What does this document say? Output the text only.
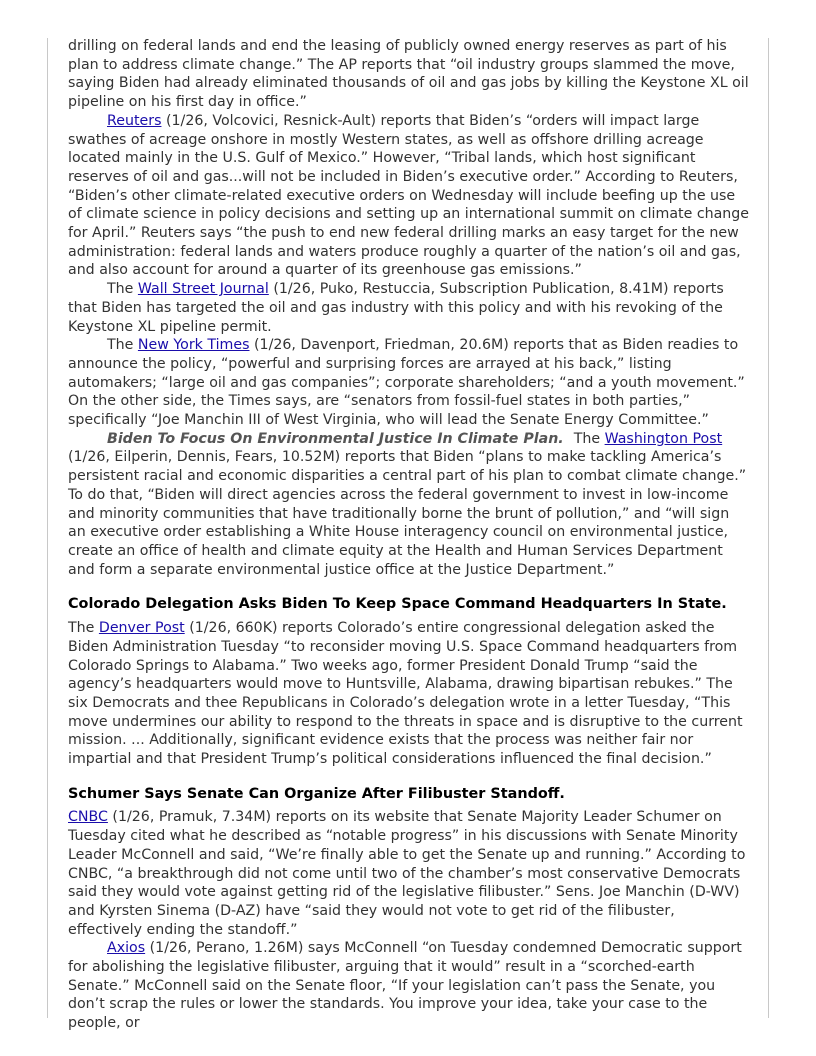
drilling on federal lands and end the leasing of publicly owned energy reserves as part of his plan to address climate change.” The AP reports that “oil industry groups slammed the move, saying Biden had already eliminated thousands of oil and gas jobs by killing the Keystone XL oil pipeline on his first day in office.”

Reuters (1/26, Volcovici, Resnick-Ault) reports that Biden’s “orders will impact large swathes of acreage onshore in mostly Western states, as well as offshore drilling acreage located mainly in the U.S. Gulf of Mexico.” However, “Tribal lands, which host significant reserves of oil and gas...will not be included in Biden’s executive order.” According to Reuters, “Biden’s other climate-related executive orders on Wednesday will include beefing up the use of climate science in policy decisions and setting up an international summit on climate change for April.” Reuters says “the push to end new federal drilling marks an easy target for the new administration: federal lands and waters produce roughly a quarter of the nation’s oil and gas, and also account for around a quarter of its greenhouse gas emissions.”

The Wall Street Journal (1/26, Puko, Restuccia, Subscription Publication, 8.41M) reports that Biden has targeted the oil and gas industry with this policy and with his revoking of the Keystone XL pipeline permit.

The New York Times (1/26, Davenport, Friedman, 20.6M) reports that as Biden readies to announce the policy, “powerful and surprising forces are arrayed at his back,” listing automakers; “large oil and gas companies”; corporate shareholders; “and a youth movement.” On the other side, the Times says, are “senators from fossil-fuel states in both parties,” specifically “Joe Manchin III of West Virginia, who will lead the Senate Energy Committee.”

Biden To Focus On Environmental Justice In Climate Plan. The Washington Post (1/26, Eilperin, Dennis, Fears, 10.52M) reports that Biden “plans to make tackling America’s persistent racial and economic disparities a central part of his plan to combat climate change.” To do that, “Biden will direct agencies across the federal government to invest in low-income and minority communities that have traditionally borne the brunt of pollution,” and “will sign an executive order establishing a White House interagency council on environmental justice, create an office of health and climate equity at the Health and Human Services Department and form a separate environmental justice office at the Justice Department.”

Colorado Delegation Asks Biden To Keep Space Command Headquarters In State.

The Denver Post (1/26, 660K) reports Colorado’s entire congressional delegation asked the Biden Administration Tuesday “to reconsider moving U.S. Space Command headquarters from Colorado Springs to Alabama.” Two weeks ago, former President Donald Trump “said the agency’s headquarters would move to Huntsville, Alabama, drawing bipartisan rebukes.” The six Democrats and thee Republicans in Colorado’s delegation wrote in a letter Tuesday, “This move undermines our ability to respond to the threats in space and is disruptive to the current mission. ... Additionally, significant evidence exists that the process was neither fair nor impartial and that President Trump’s political considerations influenced the final decision.”

Schumer Says Senate Can Organize After Filibuster Standoff.

CNBC (1/26, Pramuk, 7.34M) reports on its website that Senate Majority Leader Schumer on Tuesday cited what he described as “notable progress” in his discussions with Senate Minority Leader McConnell and said, “We’re finally able to get the Senate up and running.” According to CNBC, “a breakthrough did not come until two of the chamber’s most conservative Democrats said they would vote against getting rid of the legislative filibuster.” Sens. Joe Manchin (D-WV) and Kyrsten Sinema (D-AZ) have “said they would not vote to get rid of the filibuster, effectively ending the standoff.”

Axios (1/26, Perano, 1.26M) says McConnell “on Tuesday condemned Democratic support for abolishing the legislative filibuster, arguing that it would” result in a “scorched-earth Senate.” McConnell said on the Senate floor, “If your legislation can’t pass the Senate, you don’t scrap the rules or lower the standards. You improve your idea, take your case to the people, or
